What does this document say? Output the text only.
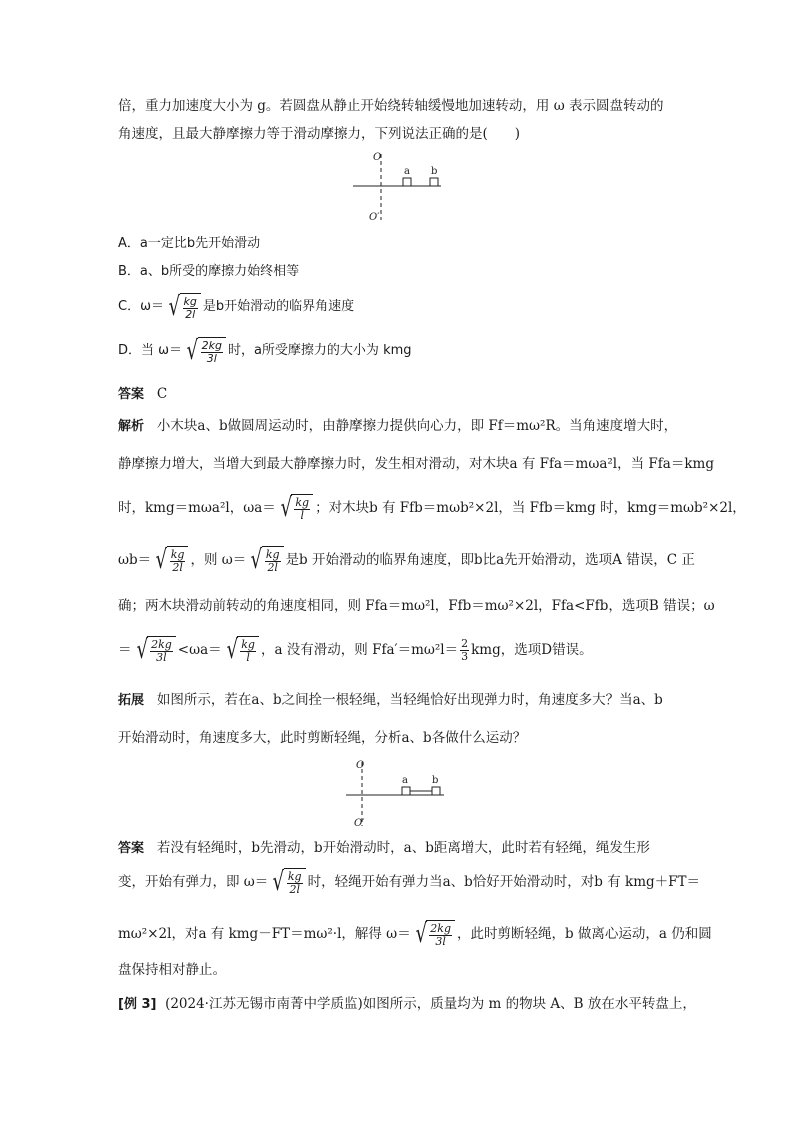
倍，重力加速度大小为 g。若圆盘从静止开始绕转轴缓慢地加速转动，用 ω 表示圆盘转动的
角速度，且最大静摩擦力等于滑动摩擦力，下列说法正确的是(　　)
O
O′
a b
A．a一定比b先开始滑动
B．a、b所受的摩擦力始终相等
C．ω＝ √ $\frac{kg}{2l}$ 是b开始滑动的临界角速度
D．当 ω＝ √ $\frac{2kg}{3l}$ 时，a所受摩擦力的大小为 kmg
答案 C
解析 小木块a、b做圆周运动时，由静摩擦力提供向心力，即 Ff＝mω²R。当角速度增大时，
静摩擦力增大，当增大到最大静摩擦力时，发生相对滑动，对木块a 有 Ffa＝mωa²l，当 Ffa＝kmg
时，kmg＝mωa²l，ωa＝ √ $\frac{kg}{l}$ ；对木块b 有 Ffb＝mωb²×2l，当 Ffb＝kmg 时，kmg＝mωb²×2l，
ωb＝ √ $\frac{kg}{2l}$ ，则 ω＝ √ $\frac{kg}{2l}$ 是b 开始滑动的临界角速度，即b比a先开始滑动，选项A 错误，C 正
确；两木块滑动前转动的角速度相同，则 Ffa＝mω²l，Ffb＝mω²×2l，Ffa<Ffb，选项B 错误；ω
＝ √ $\frac{2kg}{3l} <\omega a=$ √ $\frac{kg}{l}$ ，a 没有滑动，则 $Ffa'=m\omega^2l= \frac{2}{3}$ kmg，选项D错误。
拓展 如图所示，若在a、b之间拴一根轻绳，当轻绳恰好出现弹力时，角速度多大？当a、b
开始滑动时，角速度多大，此时剪断轻绳，分析a、b各做什么运动？
O
O′
a b
答案 若没有轻绳时，b先滑动，b开始滑动时，a、b距离增大，此时若有轻绳，绳发生形
变，开始有弹力，即 ω＝ √ $\frac{kg}{2l}$ 时，轻绳开始有弹力当a、b恰好开始滑动时，对b 有 kmg＋FT＝
mω²×2l，对a 有 kmg－FT＝mω²·l，解得 ω＝ √ $\frac{2kg}{3l}$ ，此时剪断轻绳，b 做离心运动，a 仍和圆
盘保持相对静止。
[例 3] (2024·江苏无锡市南菁中学质监)如图所示，质量均为 m 的物块 A、B 放在水平转盘上，
